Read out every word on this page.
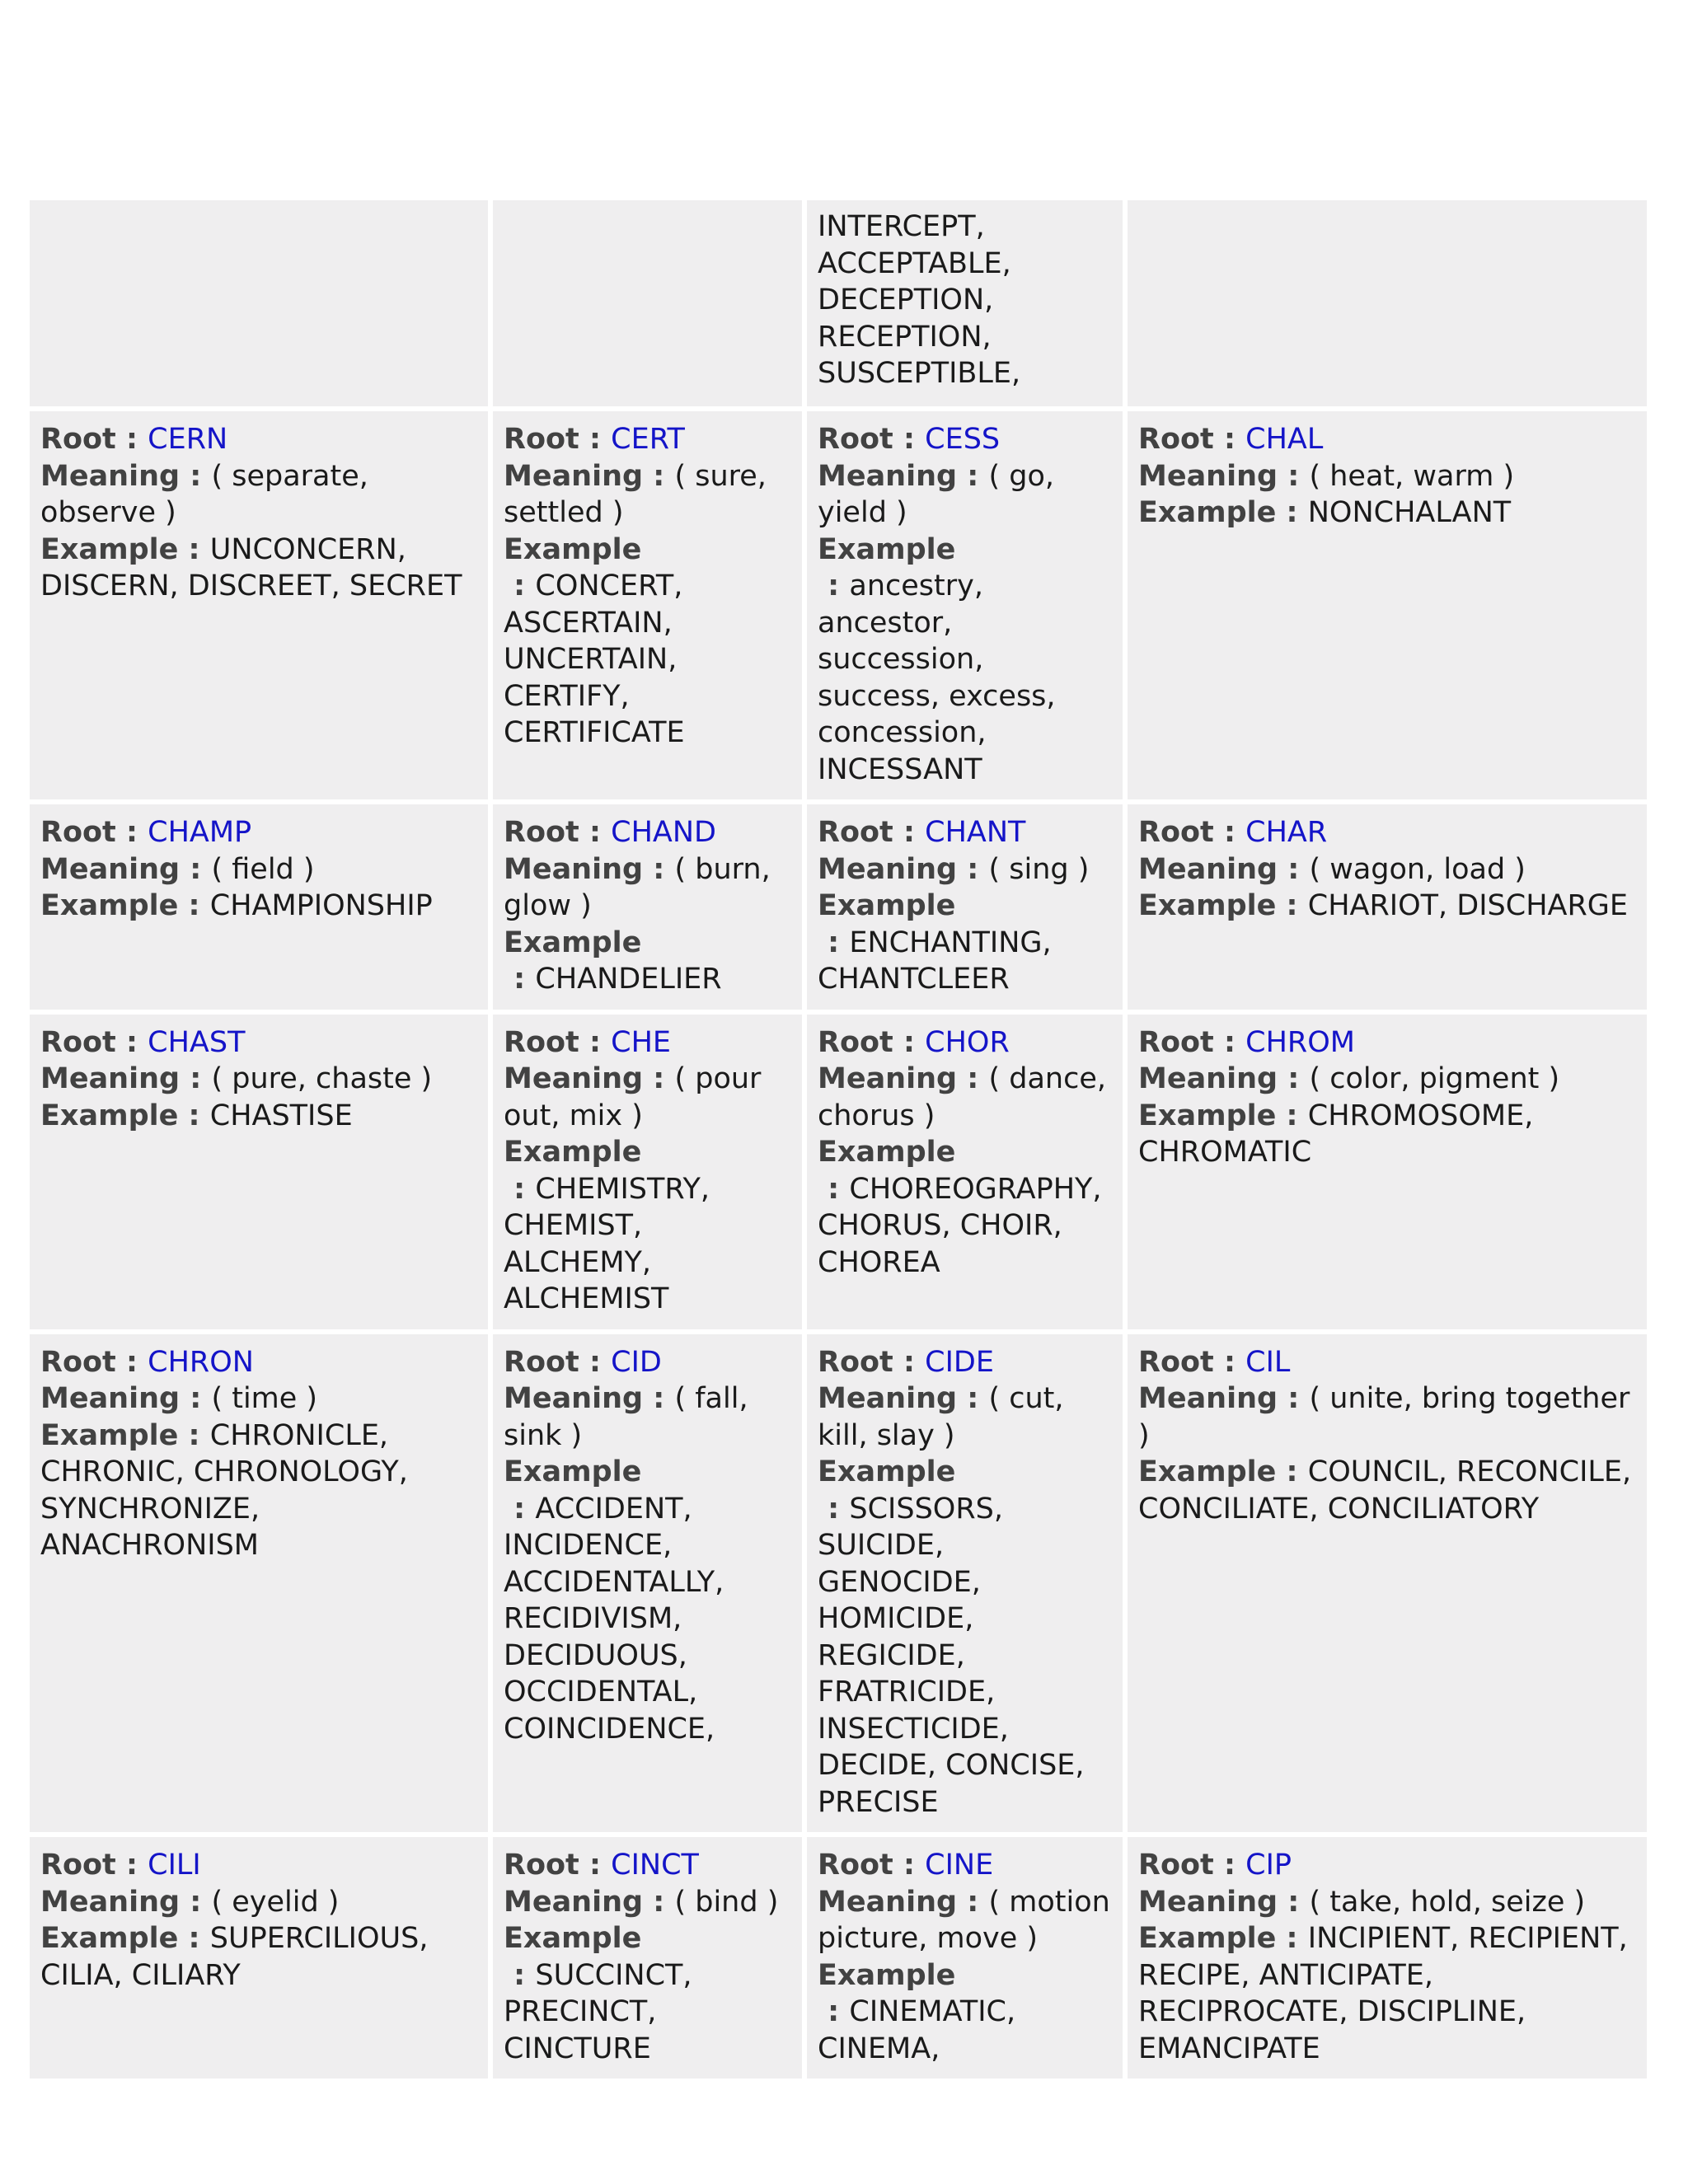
		INTERCEPT,
ACCEPTABLE,
DECEPTION,
RECEPTION,
SUSCEPTIBLE,	
Root : CERN
Meaning : ( separate, observe )
Example : UNCONCERN, DISCERN, DISCREET, SECRET	Root : CERT
Meaning : ( sure, settled )
Example : CONCERT, ASCERTAIN, UNCERTAIN, CERTIFY, CERTIFICATE	Root : CESS
Meaning : ( go, yield )
Example : ancestry, ancestor, succession, success, excess, concession, INCESSANT	Root : CHAL
Meaning : ( heat, warm )
Example : NONCHALANT
Root : CHAMP
Meaning : ( field )
Example : CHAMPIONSHIP	Root : CHAND
Meaning : ( burn, glow )
Example : CHANDELIER	Root : CHANT
Meaning : ( sing )
Example : ENCHANTING, CHANTCLEER	Root : CHAR
Meaning : ( wagon, load )
Example : CHARIOT, DISCHARGE
Root : CHAST
Meaning : ( pure, chaste )
Example : CHASTISE	Root : CHE
Meaning : ( pour out, mix )
Example : CHEMISTRY, CHEMIST, ALCHEMY, ALCHEMIST	Root : CHOR
Meaning : ( dance, chorus )
Example : CHOREOGRAPHY, CHORUS, CHOIR, CHOREA	Root : CHROM
Meaning : ( color, pigment )
Example : CHROMOSOME, CHROMATIC
Root : CHRON
Meaning : ( time )
Example : CHRONICLE, CHRONIC, CHRONOLOGY, SYNCHRONIZE, ANACHRONISM	Root : CID
Meaning : ( fall, sink )
Example : ACCIDENT, INCIDENCE, ACCIDENTALLY, RECIDIVISM, DECIDUOUS, OCCIDENTAL, COINCIDENCE,	Root : CIDE
Meaning : ( cut, kill, slay )
Example : SCISSORS, SUICIDE, GENOCIDE, HOMICIDE, REGICIDE, FRATRICIDE, INSECTICIDE, DECIDE, CONCISE, PRECISE	Root : CIL
Meaning : ( unite, bring together )
Example : COUNCIL, RECONCILE, CONCILIATE, CONCILIATORY
Root : CILI
Meaning : ( eyelid )
Example : SUPERCILIOUS, CILIA, CILIARY	Root : CINCT
Meaning : ( bind )
Example : SUCCINCT, PRECINCT, CINCTURE	Root : CINE
Meaning : ( motion picture, move )
Example : CINEMATIC, CINEMA,	Root : CIP
Meaning : ( take, hold, seize )
Example : INCIPIENT, RECIPIENT, RECIPE, ANTICIPATE, RECIPROCATE, DISCIPLINE, EMANCIPATE
